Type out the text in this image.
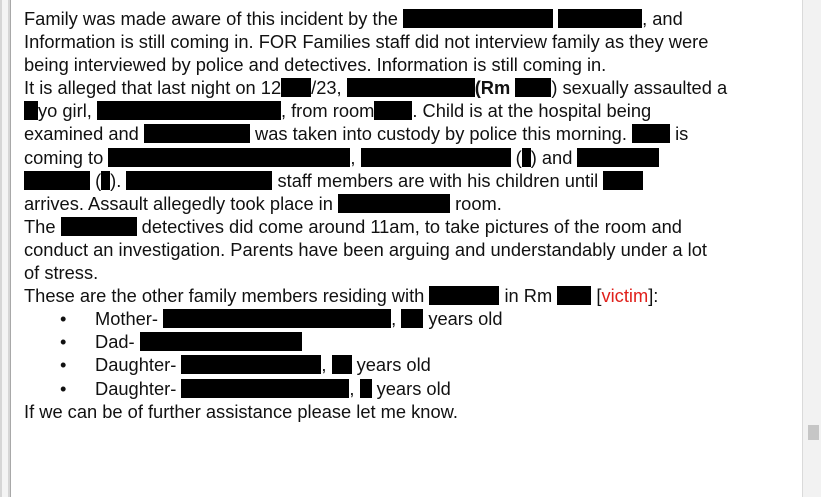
Family was made aware of this incident by the	, and
Information is still coming in. FOR Families staff did not interview family as they were
being interviewed by police and detectives. Information is still coming in.
It is alleged that last night on 12 /23,	(Rm ) sexually assaulted a
yo girl,	, from room . Child is at the hospital being
examined and	was taken into custody by police this morning.  is
coming to	,	( ) and
( ).	staff members are with his children until
arrives. Assault allegedly took place in	room.
The	detectives did come around 11am, to take pictures of the room and
conduct an investigation. Parents have been arguing and understandably under a lot
of stress.
These are the other family members residing with	in Rm  [victim]:
• Mother-	,  years old
• Dad-
• Daughter-	,  years old
• Daughter-	,  years old
If we can be of further assistance please let me know.
